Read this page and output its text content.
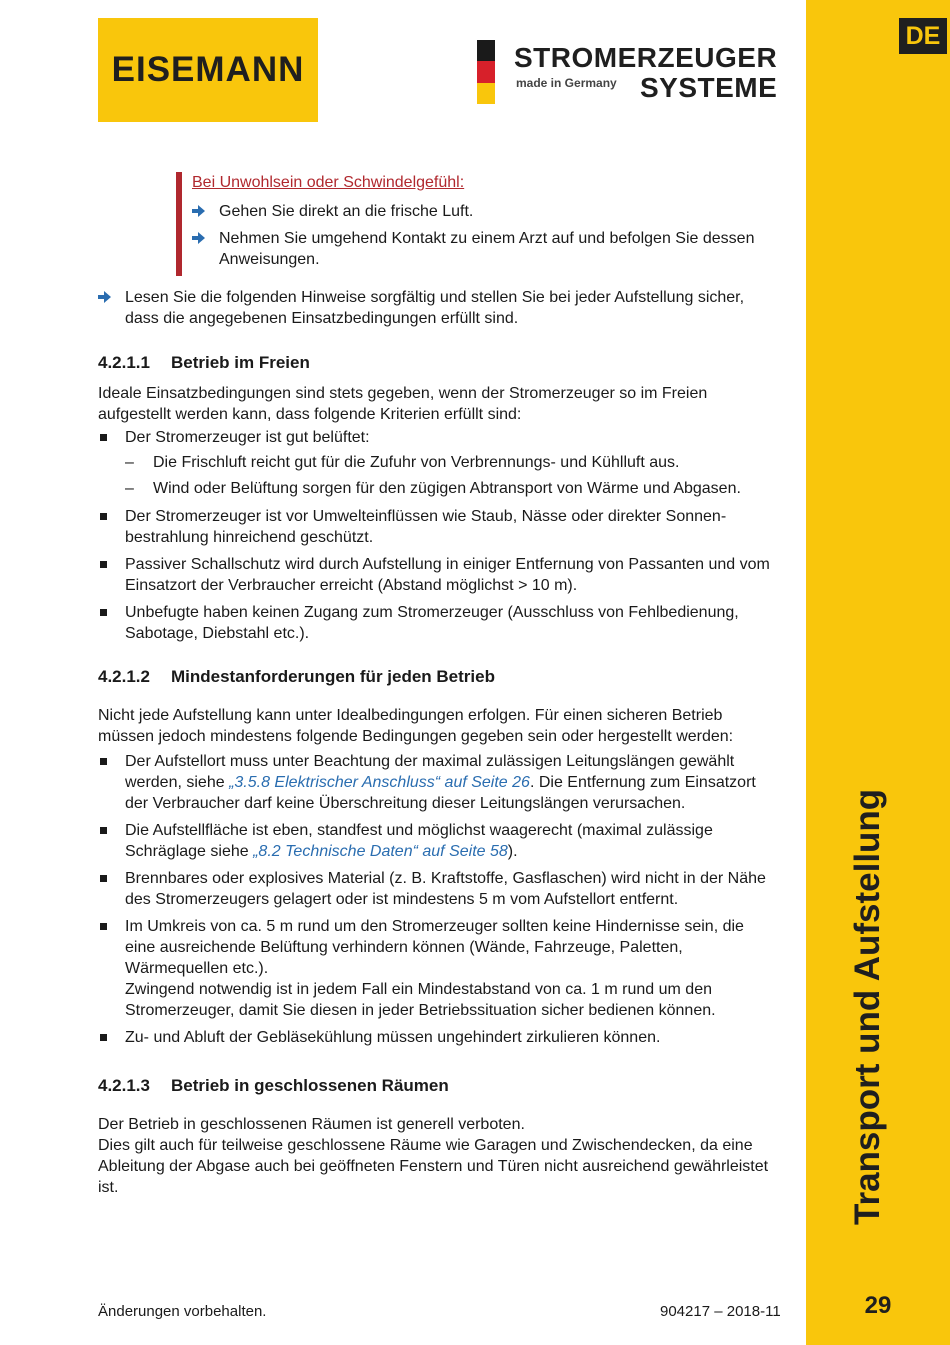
DE
Transport und Aufstellung
29
EISEMANN	STROMERZEUGER
made in Germany SYSTEME
Bei Unwohlsein oder Schwindelgefühl:
Gehen Sie direkt an die frische Luft.
Nehmen Sie umgehend Kontakt zu einem Arzt auf und befolgen Sie dessen Anweisungen.
Lesen Sie die folgenden Hinweise sorgfältig und stellen Sie bei jeder Aufstellung sicher, dass die angegebenen Einsatzbedingungen erfüllt sind.
4.2.1.1 Betrieb im Freien

Ideale Einsatzbedingungen sind stets gegeben, wenn der Stromerzeuger so im Freien aufgestellt werden kann, dass folgende Kriterien erfüllt sind:

Der Stromerzeuger ist gut belüftet:
– Die Frischluft reicht gut für die Zufuhr von Verbrennungs- und Kühlluft aus.
– Wind oder Belüftung sorgen für den zügigen Abtransport von Wärme und Abgasen.
Der Stromerzeuger ist vor Umwelteinflüssen wie Staub, Nässe oder direkter Sonnen-bestrahlung hinreichend geschützt.
Passiver Schallschutz wird durch Aufstellung in einiger Entfernung von Passanten und vom Einsatzort der Verbraucher erreicht (Abstand möglichst > 10 m).
Unbefugte haben keinen Zugang zum Stromerzeuger (Ausschluss von Fehlbedienung, Sabotage, Diebstahl etc.).
4.2.1.2 Mindestanforderungen für jeden Betrieb

Nicht jede Aufstellung kann unter Idealbedingungen erfolgen. Für einen sicheren Betrieb müssen jedoch mindestens folgende Bedingungen gegeben sein oder hergestellt werden:

Der Aufstellort muss unter Beachtung der maximal zulässigen Leitungslängen gewählt werden, siehe „3.5.8 Elektrischer Anschluss“ auf Seite 26. Die Entfernung zum Einsatzort der Verbraucher darf keine Überschreitung dieser Leitungslängen verursachen.
Die Aufstellfläche ist eben, standfest und möglichst waagerecht (maximal zulässige Schräglage siehe „8.2 Technische Daten“ auf Seite 58).
Brennbares oder explosives Material (z. B. Kraftstoffe, Gasflaschen) wird nicht in der Nähe des Stromerzeugers gelagert oder ist mindestens 5 m vom Aufstellort entfernt.

Im Umkreis von ca. 5 m rund um den Stromerzeuger sollten keine Hindernisse sein, die eine ausreichende Belüftung verhindern können (Wände, Fahrzeuge, Paletten, Wärmequellen etc.).

Zwingend notwendig ist in jedem Fall ein Mindestabstand von ca. 1 m rund um den Stromerzeuger, damit Sie diesen in jeder Betriebssituation sicher bedienen können.

Zu- und Abluft der Gebläsekühlung müssen ungehindert zirkulieren können.
4.2.1.3 Betrieb in geschlossenen Räumen

Der Betrieb in geschlossenen Räumen ist generell verboten.

Dies gilt auch für teilweise geschlossene Räume wie Garagen und Zwischendecken, da eine Ableitung der Abgase auch bei geöffneten Fenstern und Türen nicht ausreichend gewährleistet ist.

Änderungen vorbehalten.	904217 – 2018-11
